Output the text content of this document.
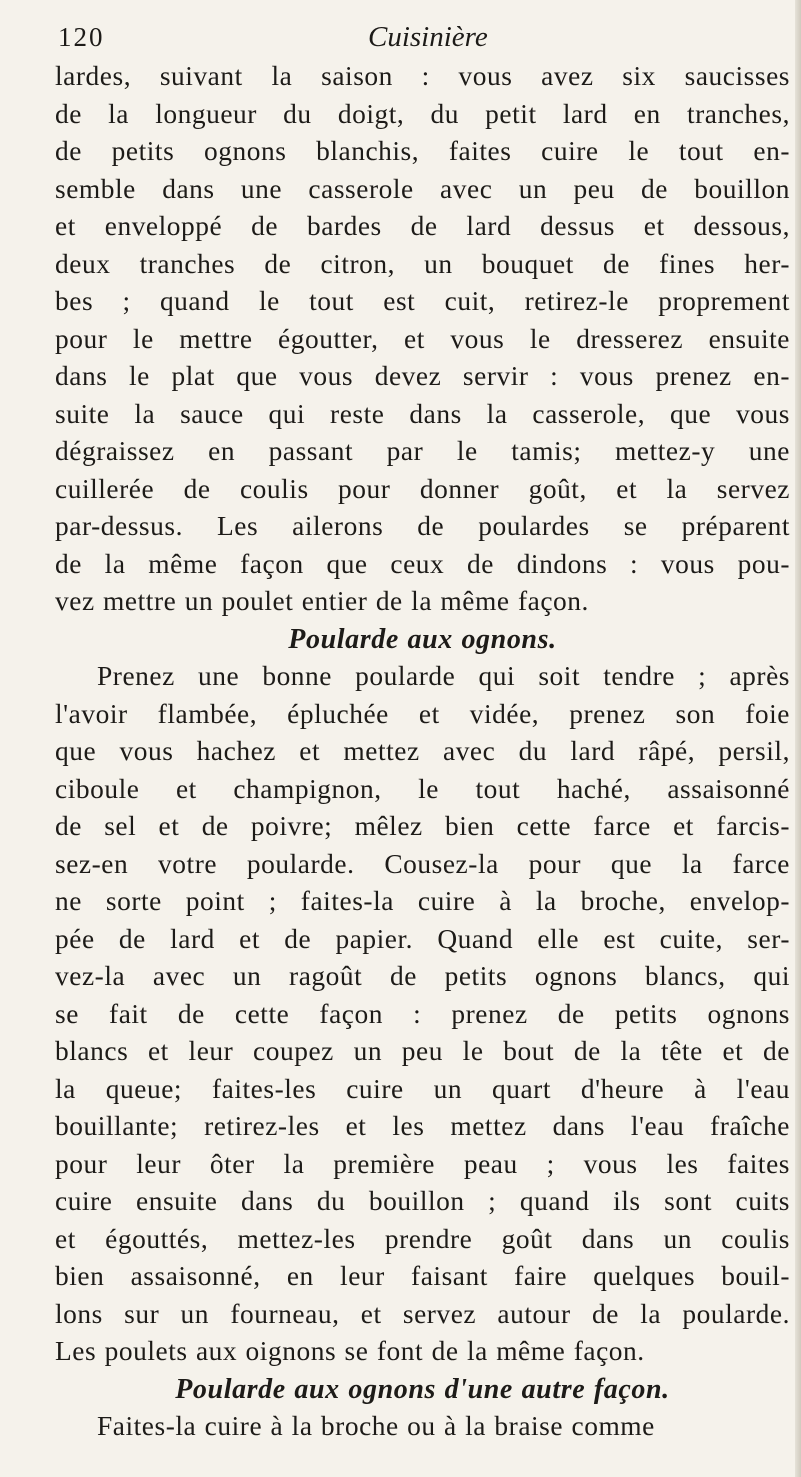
120	Cuisinière
lardes, suivant la saison : vous avez six saucisses
de la longueur du doigt, du petit lard en tranches,
de petits ognons blanchis, faites cuire le tout en-
semble dans une casserole avec un peu de bouillon
et enveloppé de bardes de lard dessus et dessous,
deux tranches de citron, un bouquet de fines her-
bes ; quand le tout est cuit, retirez-le proprement
pour le mettre égoutter, et vous le dresserez ensuite
dans le plat que vous devez servir : vous prenez en-
suite la sauce qui reste dans la casserole, que vous
dégraissez en passant par le tamis; mettez-y une
cuillerée de coulis pour donner goût, et la servez
par-dessus. Les ailerons de poulardes se préparent
de la même façon que ceux de dindons : vous pou-
vez mettre un poulet entier de la même façon.
Poularde aux ognons.
Prenez une bonne poularde qui soit tendre ; après
l'avoir flambée, épluchée et vidée, prenez son foie
que vous hachez et mettez avec du lard râpé, persil,
ciboule et champignon, le tout haché, assaisonné
de sel et de poivre; mêlez bien cette farce et farcis-
sez-en votre poularde. Cousez-la pour que la farce
ne sorte point ; faites-la cuire à la broche, envelop-
pée de lard et de papier. Quand elle est cuite, ser-
vez-la avec un ragoût de petits ognons blancs, qui
se fait de cette façon : prenez de petits ognons
blancs et leur coupez un peu le bout de la tête et de
la queue; faites-les cuire un quart d'heure à l'eau
bouillante; retirez-les et les mettez dans l'eau fraîche
pour leur ôter la première peau ; vous les faites
cuire ensuite dans du bouillon ; quand ils sont cuits
et égouttés, mettez-les prendre goût dans un coulis
bien assaisonné, en leur faisant faire quelques bouil-
lons sur un fourneau, et servez autour de la poularde.
Les poulets aux oignons se font de la même façon.
Poularde aux ognons d'une autre façon.
Faites-la cuire à la broche ou à la braise comme
